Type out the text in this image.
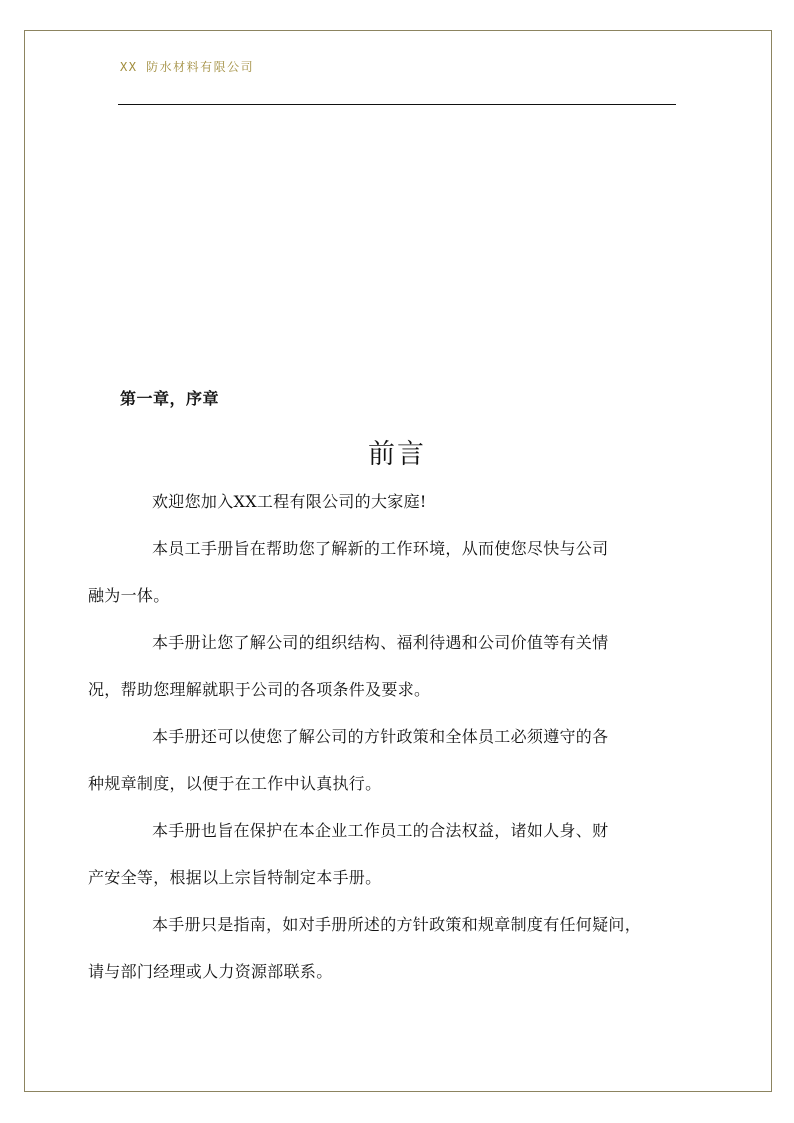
XX 防水材料有限公司
第一章，序章
前言

欢迎您加入XX工程有限公司的大家庭!

本员工手册旨在帮助您了解新的工作环境，从而使您尽快与公司
融为一体。

本手册让您了解公司的组织结构、福利待遇和公司价值等有关情
况，帮助您理解就职于公司的各项条件及要求。

本手册还可以使您了解公司的方针政策和全体员工必须遵守的各
种规章制度，以便于在工作中认真执行。

本手册也旨在保护在本企业工作员工的合法权益，诸如人身、财
产安全等，根据以上宗旨特制定本手册。

本手册只是指南，如对手册所述的方针政策和规章制度有任何疑问，
请与部门经理或人力资源部联系。
